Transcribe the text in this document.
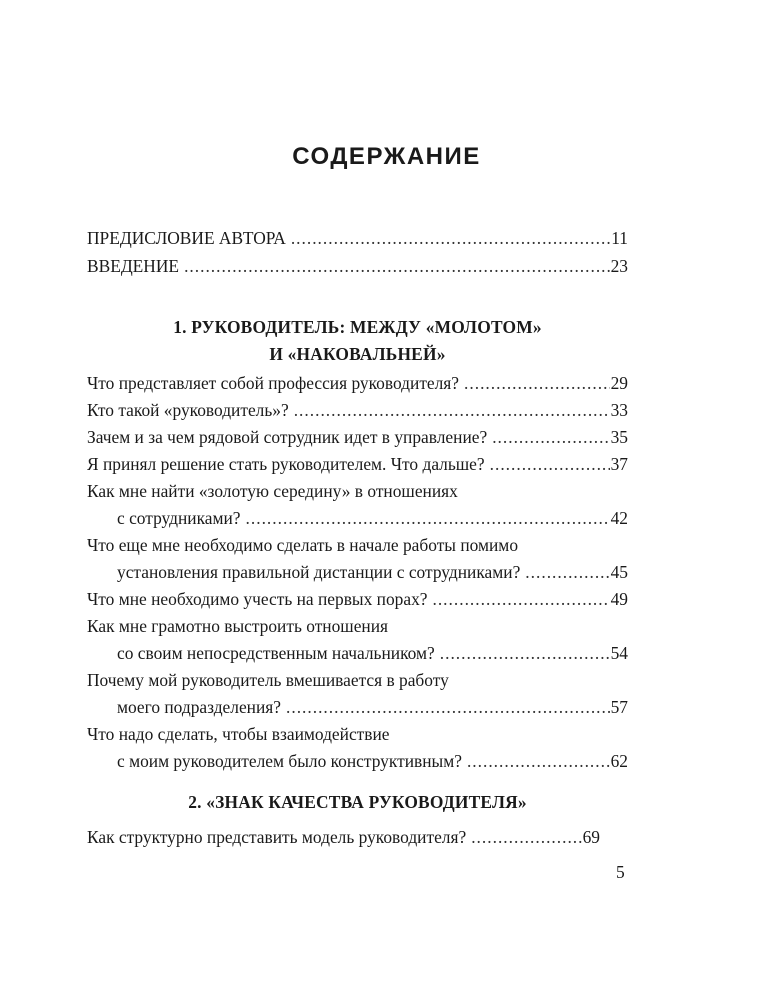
СОДЕРЖАНИЕ
ПРЕДИСЛОВИЕ АВТОРА .....	11
ВВЕДЕНИЕ .....	23
1. РУКОВОДИТЕЛЬ: МЕЖДУ «МОЛОТОМ»
И «НАКОВАЛЬНЕЙ»
Что представляет собой профессия руководителя? .....	29
Кто такой «руководитель»? .....	33
Зачем и за чем рядовой сотрудник идет в управление? .....	35
Я принял решение стать руководителем. Что дальше? .....	37
Как мне найти «золотую середину» в отношениях
с сотрудниками? .....	42
Что еще мне необходимо сделать в начале работы помимо
установления правильной дистанции с сотрудниками? .....	45
Что мне необходимо учесть на первых порах? .....	49
Как мне грамотно выстроить отношения
со своим непосредственным начальником? .....	54
Почему мой руководитель вмешивается в работу
моего подразделения? .....	57
Что надо сделать, чтобы взаимодействие
с моим руководителем было конструктивным? .....	62
2. «ЗНАК КАЧЕСТВА РУКОВОДИТЕЛЯ»
Как структурно представить модель руководителя? .....	69
5
